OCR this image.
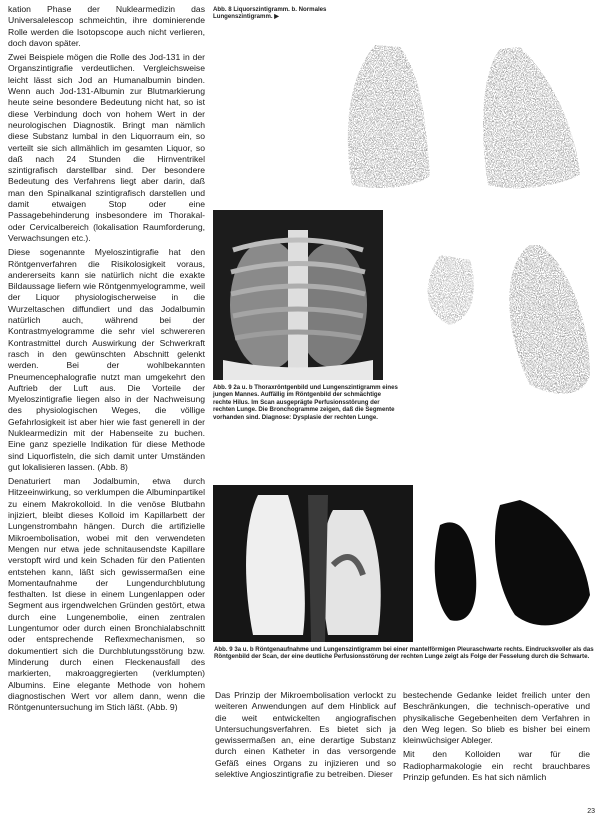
kation Phase der Nuklearmedizin das Universalelescop schmeichtin, ihre dominierende Rolle werden die Isotopscope auch nicht verlieren, doch davon später.

Zwei Beispiele mögen die Rolle des Jod-131 in der Organszintigrafie verdeutlichen. Vergleichsweise leicht lässt sich Jod an Humanalbumin binden. Wenn auch Jod-131-Albumin zur Blutmarkierung heute seine besondere Bedeutung nicht hat, so ist diese Verbindung doch von hohem Wert in der neurologischen Diagnostik. Bringt man nämlich diese Substanz lumbal in den Liquorraum ein, so verteilt sie sich allmählich im gesamten Liquor, so daß nach 24 Stunden die Hirnventrikel szintigrafisch darstellbar sind. Der besondere Bedeutung des Verfahrens liegt aber darin, daß man den Spinalkanal szintigrafisch darstellen und damit etwaigen Stop oder eine Passagebehinderung insbesondere im Thorakal- oder Cervicalbereich (lokalisation Raumforderung, Verwachsungen etc.).

Diese sogenannte Myeloszintigrafie hat den Röntgenverfahren die Risikolosigkeit voraus, andererseits kann sie natürlich nicht die exakte Bildaussage liefern wie Röntgenmyelogramme, weil der Liquor physiologischerweise in die Wurzeltaschen diffundiert und das Jodalbumin natürlich auch, während bei der Kontrastmyelogramme die sehr viel schwereren Kontrastmittel durch Auswirkung der Schwerkraft rasch in den gewünschten Abschnitt gelenkt werden. Bei der wohlbekannten Pneumencephalografie nutzt man umgekehrt den Auftrieb der Luft aus. Die Vorteile der Myeloszintigrafie liegen also in der Nachweisung des physiologischen Weges, die völlige Gefahrlosigkeit ist aber hier wie fast generell in der Nuklearmedizin mit der Habenseite zu buchen. Eine ganz spezielle Indikation für diese Methode sind Liquorfisteln, die sich damit unter Umständen gut lokalisieren lassen. (Abb. 8)

Denaturiert man Jodalbumin, etwa durch Hitzeeinwirkung, so verklumpen die Albuminpartikel zu einem Makrokolloid. In die venöse Blutbahn injiziert, bleibt dieses Kolloid im Kapillarbett der Lungenstrombahn hängen. Durch die artifizielle Mikroembolisation, wobei mit den verwendeten Mengen nur etwa jede schnitausendste Kapillare verstopft wird und kein Schaden für den Patienten entstehen kann, läßt sich gewissermaßen eine Momentaufnahme der Lungendurchblutung festhalten. Ist diese in einem Lungenlappen oder Segment aus irgendwelchen Gründen gestört, etwa durch eine Lungenembolie, einen zentralen Lungentumor oder durch einen Bronchialabschnitt oder entsprechende Reflexmechanismen, so dokumentiert sich die Durchblutungsstörung bzw. Minderung durch einen Fleckenausfall des markierten, makroaggregierten (verklumpten) Albumins. Eine elegante Methode von hohem diagnostischen Wert vor allem dann, wenn die Röntgenuntersuchung im Stich läßt. (Abb. 9)

Abb. 8 Liquorszintigramm. b. Normales Lungenszintigramm. ▶
Abb. 9 2a u. b Thoraxröntgenbild und Lungenszintigramm eines jungen Mannes. Auffällig im Röntgenbild der schmächtige rechte Hilus. Im Scan ausgeprägte Perfusionsstörung der rechten Lunge. Die Bronchogramme zeigen, daß die Segmente vorhanden sind. Diagnose: Dysplasie der rechten Lunge.
Abb. 9 3a u. b Röntgenaufnahme und Lungenszintigramm bei einer mantelförmigen Pleuraschwarte rechts. Eindrucksvoller als das Röntgenbild der Scan, der eine deutliche Perfusionsstörung der rechten Lunge zeigt als Folge der Fesselung durch die Schwarte.

Das Prinzip der Mikroembolisation verlockt zu weiteren Anwendungen auf dem Hinblick auf die weit entwickelten angiografischen Untersuchungsverfahren. Es bietet sich ja gewissermaßen an, eine derartige Substanz durch einen Katheter in das versorgende Gefäß eines Organs zu injizieren und so selektive Angioszintigrafie zu betreiben. Dieser

bestechende Gedanke leidet freilich unter den Beschränkungen, die technisch-operative und physikalische Gegebenheiten dem Verfahren in den Weg legen. So blieb es bisher bei einem kleinwüchsiger Ableger.

Mit den Kolloiden war für die Radiopharmakologie ein recht brauchbares Prinzip gefunden. Es hat sich nämlich

23
